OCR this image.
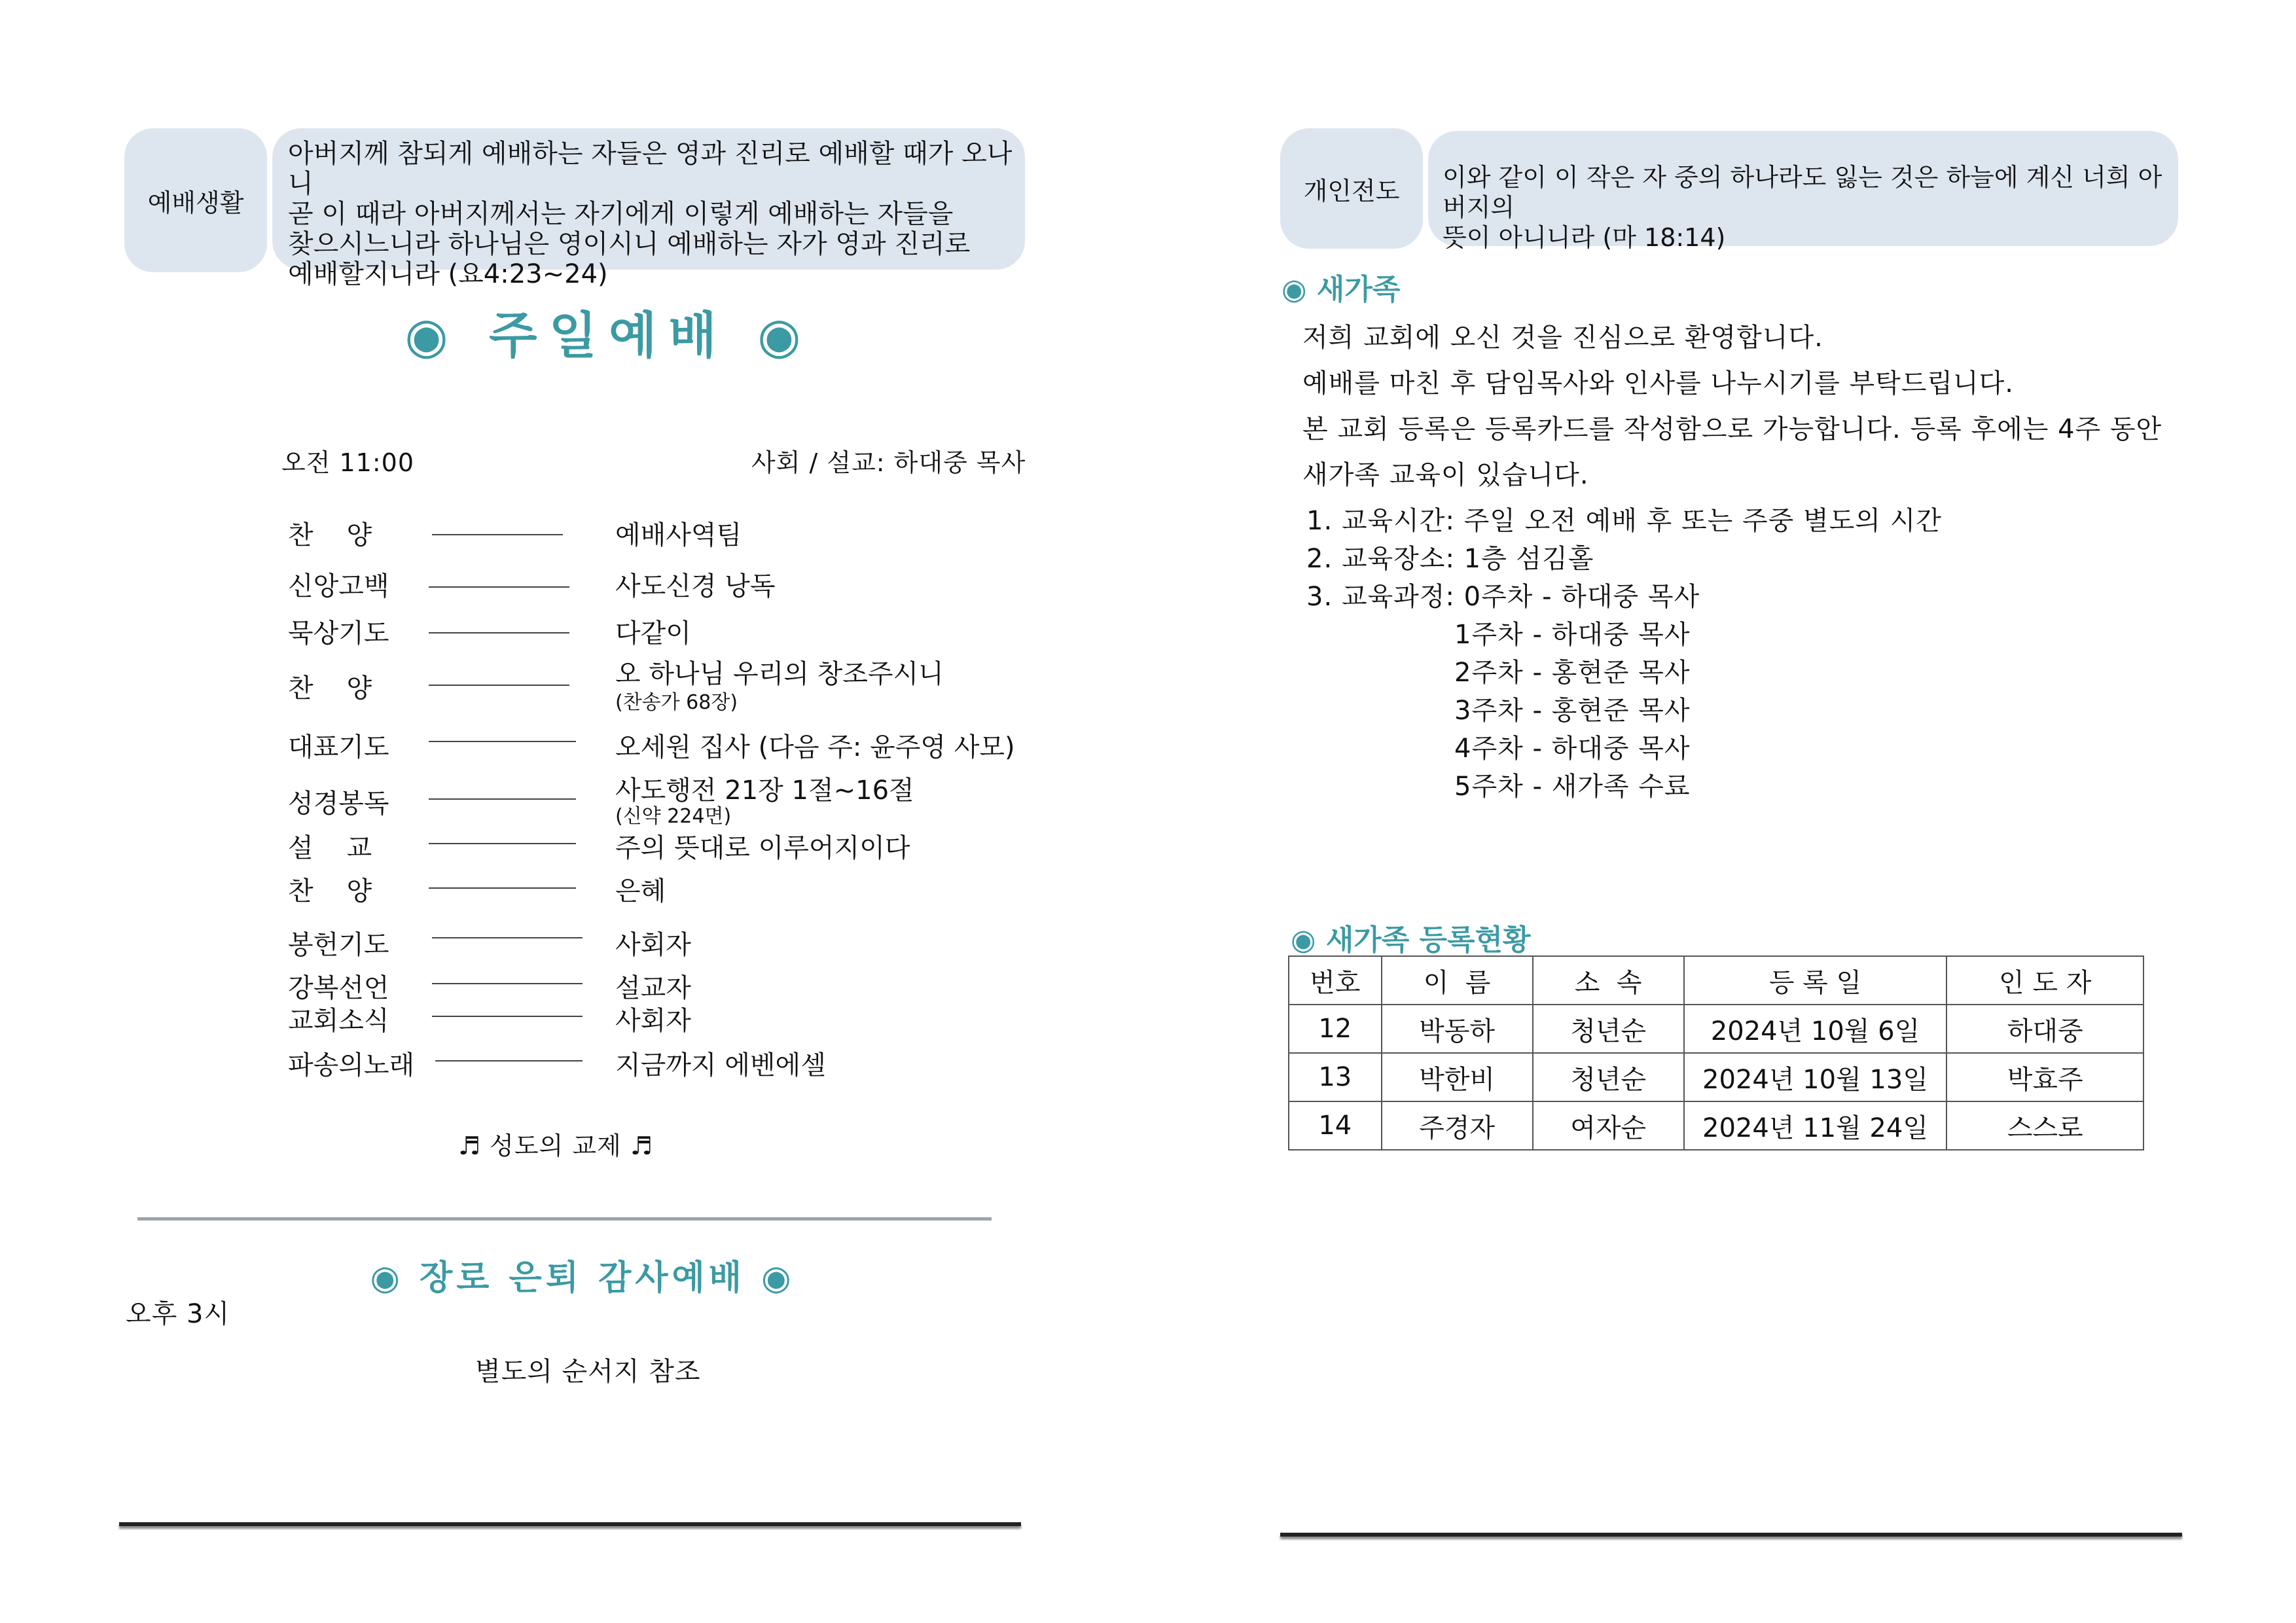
예배생활
아버지께 참되게 예배하는 자들은 영과 진리로 예배할 때가 오나니
곧 이 때라 아버지께서는 자기에게 이렇게 예배하는 자들을
찾으시느니라 하나님은 영이시니 예배하는 자가 영과 진리로
예배할지니라 (요4:23~24)
◉ 주일예배 ◉
오전 11:00	사회 / 설교: 하대중 목사
찬    양	예배사역팀
신앙고백	사도신경 낭독
묵상기도	다같이
찬    양	오 하나님 우리의 창조주시니
(찬송가 68장)
대표기도	오세원 집사 (다음 주: 윤주영 사모)
성경봉독	사도행전 21장 1절~16절
(신약 224면)
설    교	주의 뜻대로 이루어지이다
찬    양	은혜
봉헌기도	사회자
강복선언	설교자
교회소식	사회자
파송의노래	지금까지 에벤에셀
♬ 성도의 교제 ♬
◉ 장로 은퇴 감사예배 ◉
오후 3시
별도의 순서지 참조
개인전도 이와 같이 이 작은 자 중의 하나라도 잃는 것은 하늘에 계신 너희 아버지의
뜻이 아니니라 (마 18:14)
◉ 새가족
저희 교회에 오신 것을 진심으로 환영합니다.
예배를 마친 후 담임목사와 인사를 나누시기를 부탁드립니다.
본 교회 등록은 등록카드를 작성함으로 가능합니다. 등록 후에는 4주 동안
새가족 교육이 있습니다.
1. 교육시간: 주일 오전 예배 후 또는 주중 별도의 시간
2. 교육장소: 1층 섬김홀
3. 교육과정: 0주차 - 하대중 목사
1주차 - 하대중 목사
2주차 - 홍현준 목사
3주차 - 홍현준 목사
4주차 - 하대중 목사
5주차 - 새가족 수료
◉ 새가족 등록현황
번호	이  름	소  속	등 록 일	인 도 자
12	박동하	청년순	2024년 10월 6일	하대중
13	박한비	청년순	2024년 10월 13일	박효주
14	주경자	여자순	2024년 11월 24일	스스로
